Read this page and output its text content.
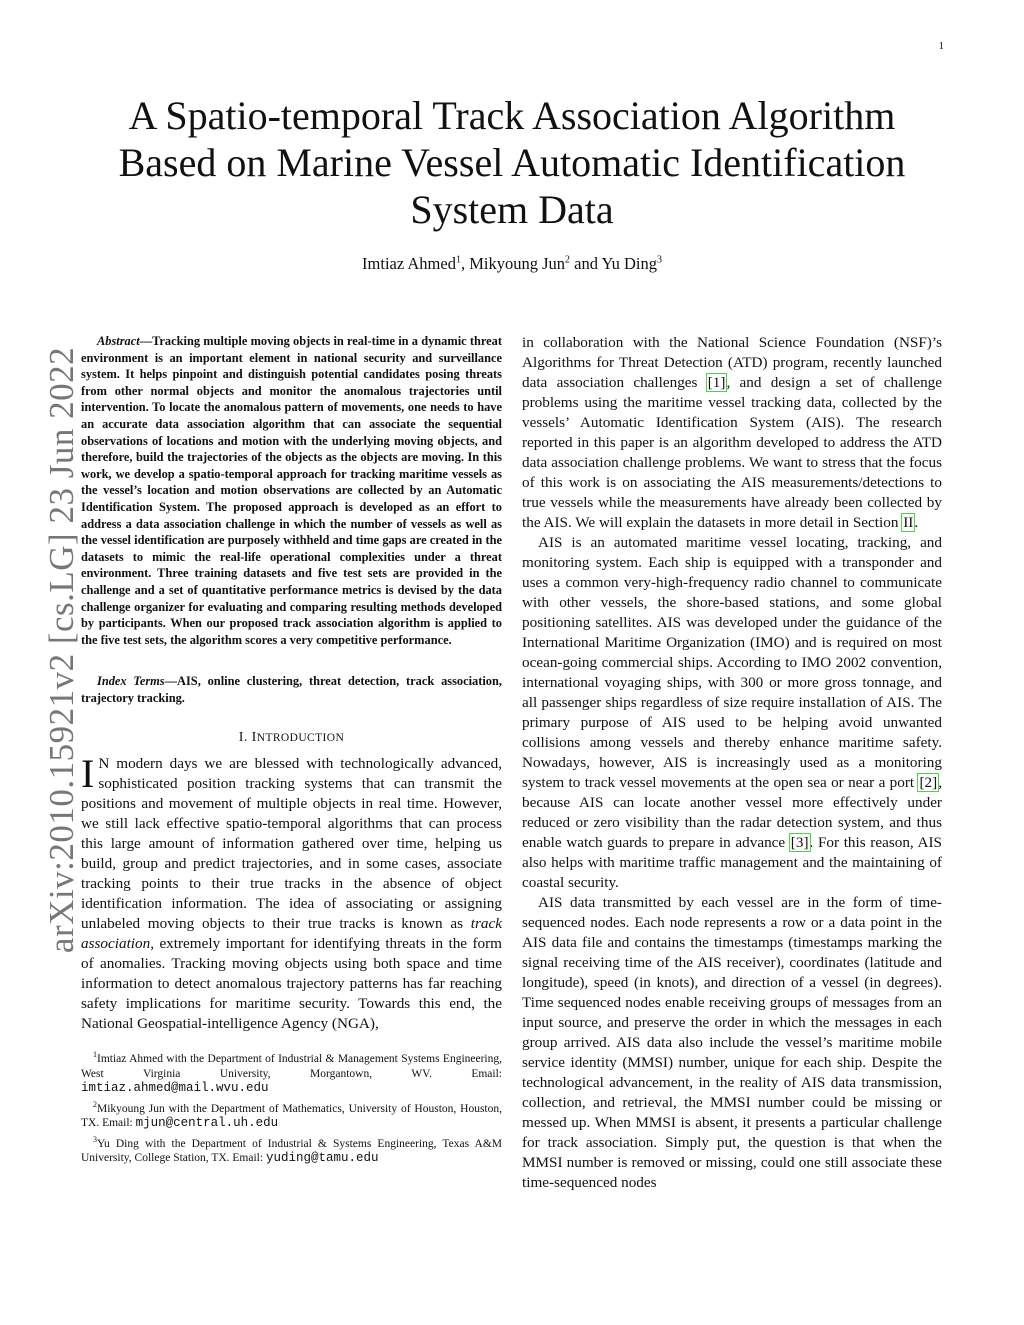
1
arXiv:2010.15921v2 [cs.LG] 23 Jun 2022
A Spatio-temporal Track Association Algorithm
Based on Marine Vessel Automatic Identification
System Data
Imtiaz Ahmed$^1$, Mikyoung Jun$^2$ and Yu Ding$^3$

Abstract—Tracking multiple moving objects in real-time in a dynamic threat environment is an important element in national security and surveillance system. It helps pinpoint and distinguish potential candidates posing threats from other normal objects and monitor the anomalous trajectories until intervention. To locate the anomalous pattern of movements, one needs to have an accurate data association algorithm that can associate the sequential observations of locations and motion with the underlying moving objects, and therefore, build the trajectories of the objects as the objects are moving. In this work, we develop a spatio-temporal approach for tracking maritime vessels as the vessel’s location and motion observations are collected by an Automatic Identification System. The proposed approach is developed as an effort to address a data association challenge in which the number of vessels as well as the vessel identification are purposely withheld and time gaps are created in the datasets to mimic the real-life operational complexities under a threat environment. Three training datasets and five test sets are provided in the challenge and a set of quantitative performance metrics is devised by the data challenge organizer for evaluating and comparing resulting methods developed by participants. When our proposed track association algorithm is applied to the five test sets, the algorithm scores a very competitive performance.

Index Terms—AIS, online clustering, threat detection, track association, trajectory tracking.

I. INTRODUCTION

I N modern days we are blessed with technologically advanced, sophisticated position tracking systems that can transmit the positions and movement of multiple objects in real time. However, we still lack effective spatio-temporal algorithms that can process this large amount of information gathered over time, helping us build, group and predict trajectories, and in some cases, associate tracking points to their true tracks in the absence of object identification information. The idea of associating or assigning unlabeled moving objects to their true tracks is known as track association, extremely important for identifying threats in the form of anomalies. Tracking moving objects using both space and time information to detect anomalous trajectory patterns has far reaching safety implications for maritime security. Towards this end, the National Geospatial-intelligence Agency (NGA),

$^1$Imtiaz Ahmed with the Department of Industrial & Management Systems Engineering, West Virginia University, Morgantown, WV. Email: imtiaz.ahmed@mail.wvu.edu

$^2$Mikyoung Jun with the Department of Mathematics, University of Houston, Houston, TX. Email: mjun@central.uh.edu

$^3$Yu Ding with the Department of Industrial & Systems Engineering, Texas A&M University, College Station, TX. Email: yuding@tamu.edu

in collaboration with the National Science Foundation (NSF)’s Algorithms for Threat Detection (ATD) program, recently launched data association challenges [1], and design a set of challenge problems using the maritime vessel tracking data, collected by the vessels’ Automatic Identification System (AIS). The research reported in this paper is an algorithm developed to address the ATD data association challenge problems. We want to stress that the focus of this work is on associating the AIS measurements/detections to true vessels while the measurements have already been collected by the AIS. We will explain the datasets in more detail in Section II.

AIS is an automated maritime vessel locating, tracking, and monitoring system. Each ship is equipped with a transponder and uses a common very-high-frequency radio channel to communicate with other vessels, the shore-based stations, and some global positioning satellites. AIS was developed under the guidance of the International Maritime Organization (IMO) and is required on most ocean-going commercial ships. According to IMO 2002 convention, international voyaging ships, with 300 or more gross tonnage, and all passenger ships regardless of size require installation of AIS. The primary purpose of AIS used to be helping avoid unwanted collisions among vessels and thereby enhance maritime safety. Nowadays, however, AIS is increasingly used as a monitoring system to track vessel movements at the open sea or near a port [2], because AIS can locate another vessel more effectively under reduced or zero visibility than the radar detection system, and thus enable watch guards to prepare in advance [3]. For this reason, AIS also helps with maritime traffic management and the maintaining of coastal security.

AIS data transmitted by each vessel are in the form of time-sequenced nodes. Each node represents a row or a data point in the AIS data file and contains the timestamps (timestamps marking the signal receiving time of the AIS receiver), coordinates (latitude and longitude), speed (in knots), and direction of a vessel (in degrees). Time sequenced nodes enable receiving groups of messages from an input source, and preserve the order in which the messages in each group arrived. AIS data also include the vessel’s maritime mobile service identity (MMSI) number, unique for each ship. Despite the technological advancement, in the reality of AIS data transmission, collection, and retrieval, the MMSI number could be missing or messed up. When MMSI is absent, it presents a particular challenge for track association. Simply put, the question is that when the MMSI number is removed or missing, could one still associate these time-sequenced nodes
